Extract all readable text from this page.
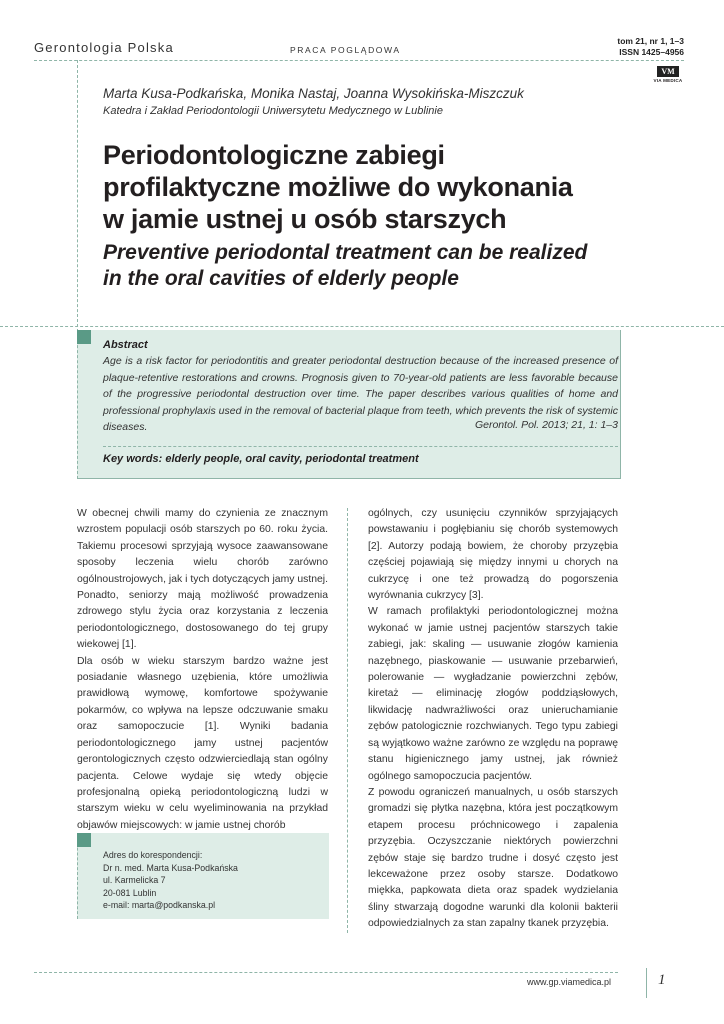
Gerontologia Polska	PRACA POGLĄDOWA
tom 21, nr 1, 1–3
ISSN 1425–4956
VM
VIA MEDICA
Marta Kusa-Podkańska, Monika Nastaj, Joanna Wysokińska-Miszczuk
Katedra i Zakład Periodontologii Uniwersytetu Medycznego w Lublinie
Periodontologiczne zabiegi
profilaktyczne możliwe do wykonania
w jamie ustnej u osób starszych
Preventive periodontal treatment can be realized
in the oral cavities of elderly people
Abstract

Age is a risk factor for periodontitis and greater periodontal destruction because of the increased presence of plaque-retentive restorations and crowns. Prognosis given to 70-year-old patients are less favorable because of the progressive periodontal destruction over time. The paper describes various qualities of home and professional prophylaxis used in the removal of bacterial plaque from teeth, which prevents the risk of systemic diseases.	Gerontol. Pol. 2013; 21, 1: 1–3
Key words: elderly people, oral cavity, periodontal treatment

W obecnej chwili mamy do czynienia ze znacznym wzrostem populacji osób starszych po 60. roku życia. Takiemu procesowi sprzyjają wysoce zaawansowane sposoby leczenia wielu chorób zarówno ogólnoustrojowych, jak i tych dotyczących jamy ustnej. Ponadto, seniorzy mają możliwość prowadzenia zdrowego stylu życia oraz korzystania z leczenia periodontologicznego, dostosowanego do tej grupy wiekowej [1].

Dla osób w wieku starszym bardzo ważne jest posiadanie własnego uzębienia, które umożliwia prawidłową wymowę, komfortowe spożywanie pokarmów, co wpływa na lepsze odczuwanie smaku oraz samopoczucie [1]. Wyniki badania periodontologicznego jamy ustnej pacjentów gerontologicznych często odzwierciedlają stan ogólny pacjenta. Celowe wydaje się wtedy objęcie profesjonalną opieką periodontologiczną ludzi w starszym wieku w celu wyeliminowania na przykład objawów miejscowych: w jamie ustnej chorób

ogólnych, czy usunięciu czynników sprzyjających powstawaniu i pogłębianiu się chorób systemowych [2]. Autorzy podają bowiem, że choroby przyzębia częściej pojawiają się między innymi u chorych na cukrzycę i one też prowadzą do pogorszenia wyrównania cukrzycy [3].

W ramach profilaktyki periodontologicznej można wykonać w jamie ustnej pacjentów starszych takie zabiegi, jak: skaling — usuwanie złogów kamienia nazębnego, piaskowanie — usuwanie przebarwień, polerowanie — wygładzanie powierzchni zębów, kiretaż — eliminację złogów poddziąsłowych, likwidację nadwrażliwości oraz unieruchamianie zębów patologicznie rozchwianych. Tego typu zabiegi są wyjątkowo ważne zarówno ze względu na poprawę stanu higienicznego jamy ustnej, jak również ogólnego samopoczucia pacjentów.

Z powodu ograniczeń manualnych, u osób starszych gromadzi się płytka nazębna, która jest początkowym etapem procesu próchnicowego i zapalenia przyzębia. Oczyszczanie niektórych powierzchni zębów staje się bardzo trudne i dosyć często jest lekceważone przez osoby starsze. Dodatkowo miękka, papkowata dieta oraz spadek wydzielania śliny stwarzają dogodne warunki dla kolonii bakterii odpowiedzialnych za stan zapalny tkanek przyzębia.

Adres do korespondencji:
Dr n. med. Marta Kusa-Podkańska
ul. Karmelicka 7
20-081 Lublin
e-mail: marta@podkanska.pl
www.gp.viamedica.pl	1
